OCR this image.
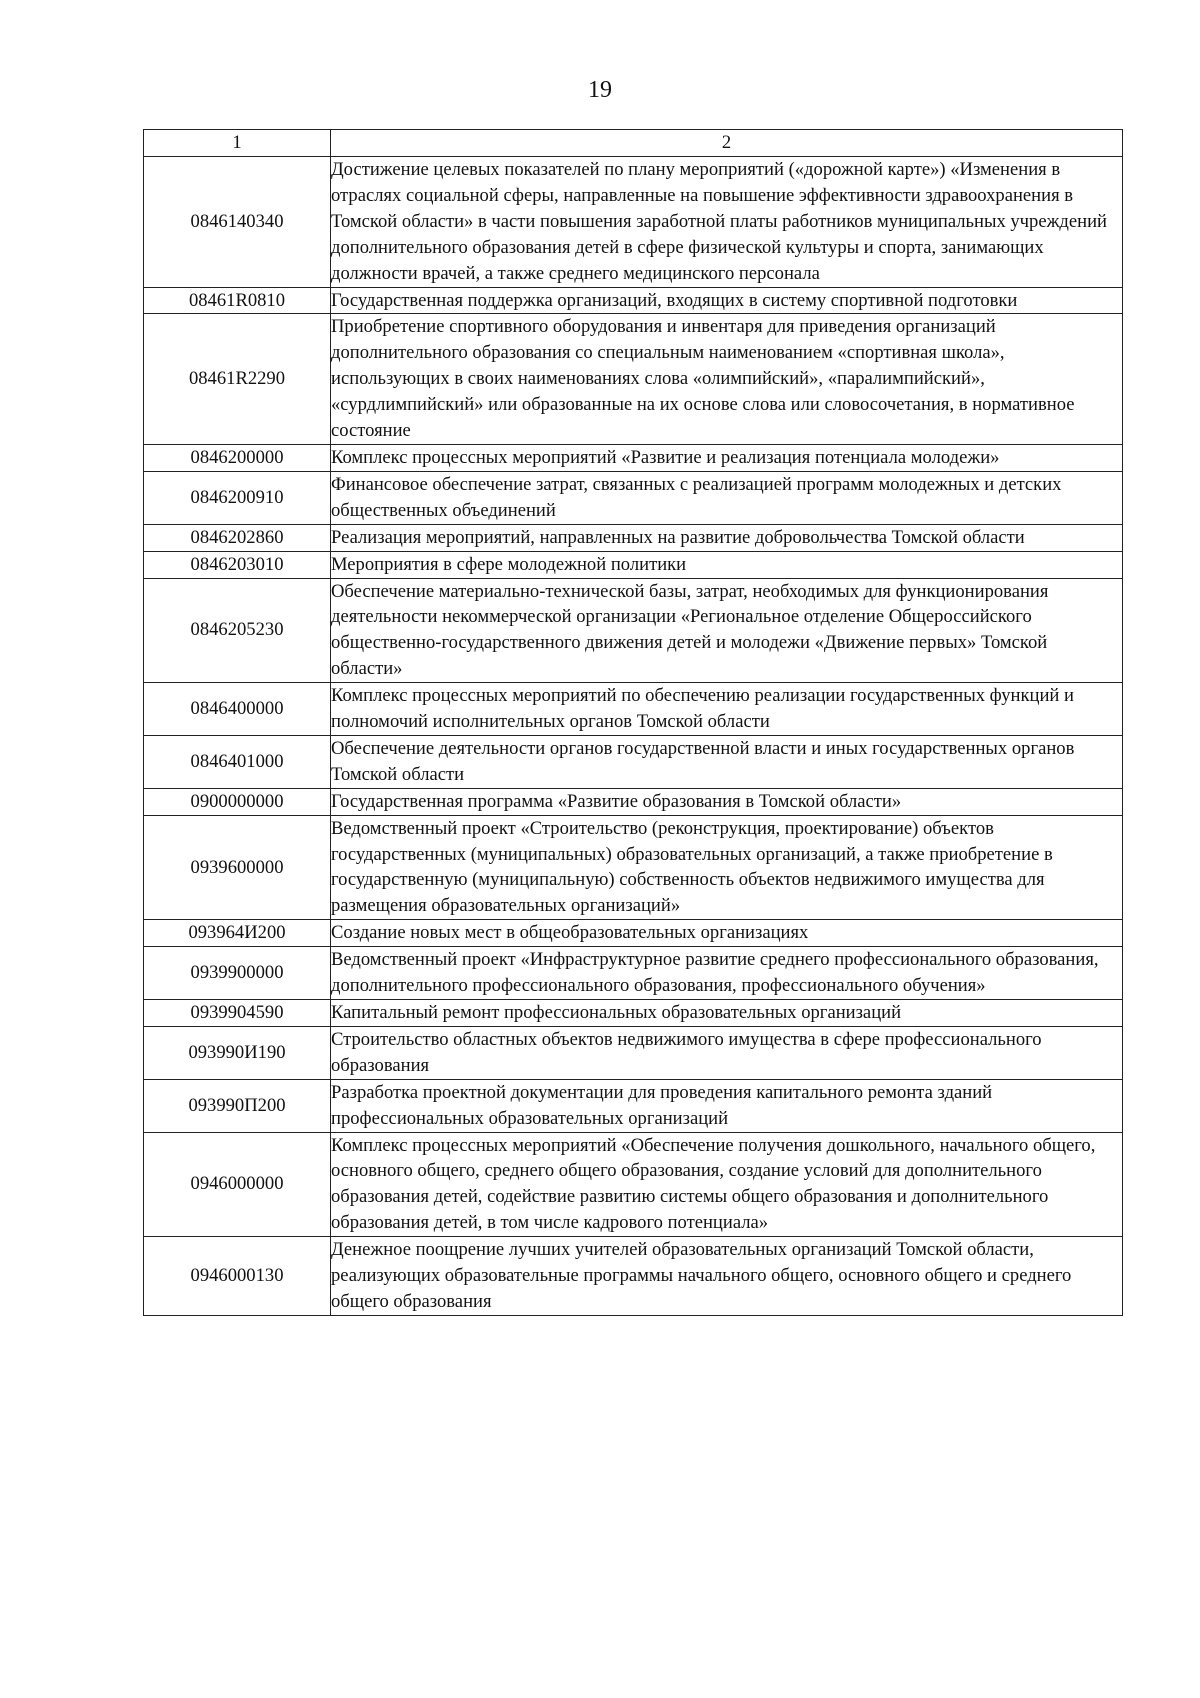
19
1	2
0846140340	Достижение целевых показателей по плану мероприятий («дорожной карте») «Изменения в отраслях социальной сферы, направленные на повышение эффективности здравоохранения в Томской области» в части повышения заработной платы работников муниципальных учреждений дополнительного образования детей в сфере физической культуры и спорта, занимающих должности врачей, а также среднего медицинского персонала
08461R0810	Государственная поддержка организаций, входящих в систему спортивной подготовки
08461R2290	Приобретение спортивного оборудования и инвентаря для приведения организаций дополнительного образования со специальным наименованием «спортивная школа», использующих в своих наименованиях слова «олимпийский», «паралимпийский», «сурдлимпийский» или образованные на их основе слова или словосочетания, в нормативное состояние
0846200000	Комплекс процессных мероприятий «Развитие и реализация потенциала молодежи»
0846200910	Финансовое обеспечение затрат, связанных с реализацией программ молодежных и детских общественных объединений
0846202860	Реализация мероприятий, направленных на развитие добровольчества Томской области
0846203010	Мероприятия в сфере молодежной политики
0846205230	Обеспечение материально-технической базы, затрат, необходимых для функционирования деятельности некоммерческой организации «Региональное отделение Общероссийского общественно-государственного движения детей и молодежи «Движение первых» Томской области»
0846400000	Комплекс процессных мероприятий по обеспечению реализации государственных функций и полномочий исполнительных органов Томской области
0846401000	Обеспечение деятельности органов государственной власти и иных государственных органов Томской области
0900000000	Государственная программа «Развитие образования в Томской области»
0939600000	Ведомственный проект «Строительство (реконструкция, проектирование) объектов государственных (муниципальных) образовательных организаций, а также приобретение в государственную (муниципальную) собственность объектов недвижимого имущества для размещения образовательных организаций»
093964И200	Создание новых мест в общеобразовательных организациях
0939900000	Ведомственный проект «Инфраструктурное развитие среднего профессионального образования, дополнительного профессионального образования, профессионального обучения»
0939904590	Капитальный ремонт профессиональных образовательных организаций
093990И190	Строительство областных объектов недвижимого имущества в сфере профессионального образования
093990П200	Разработка проектной документации для проведения капитального ремонта зданий профессиональных образовательных организаций
0946000000	Комплекс процессных мероприятий «Обеспечение получения дошкольного, начального общего, основного общего, среднего общего образования, создание условий для дополнительного образования детей, содействие развитию системы общего образования и дополнительного образования детей, в том числе кадрового потенциала»
0946000130	Денежное поощрение лучших учителей образовательных организаций Томской области, реализующих образовательные программы начального общего, основного общего и среднего общего образования
